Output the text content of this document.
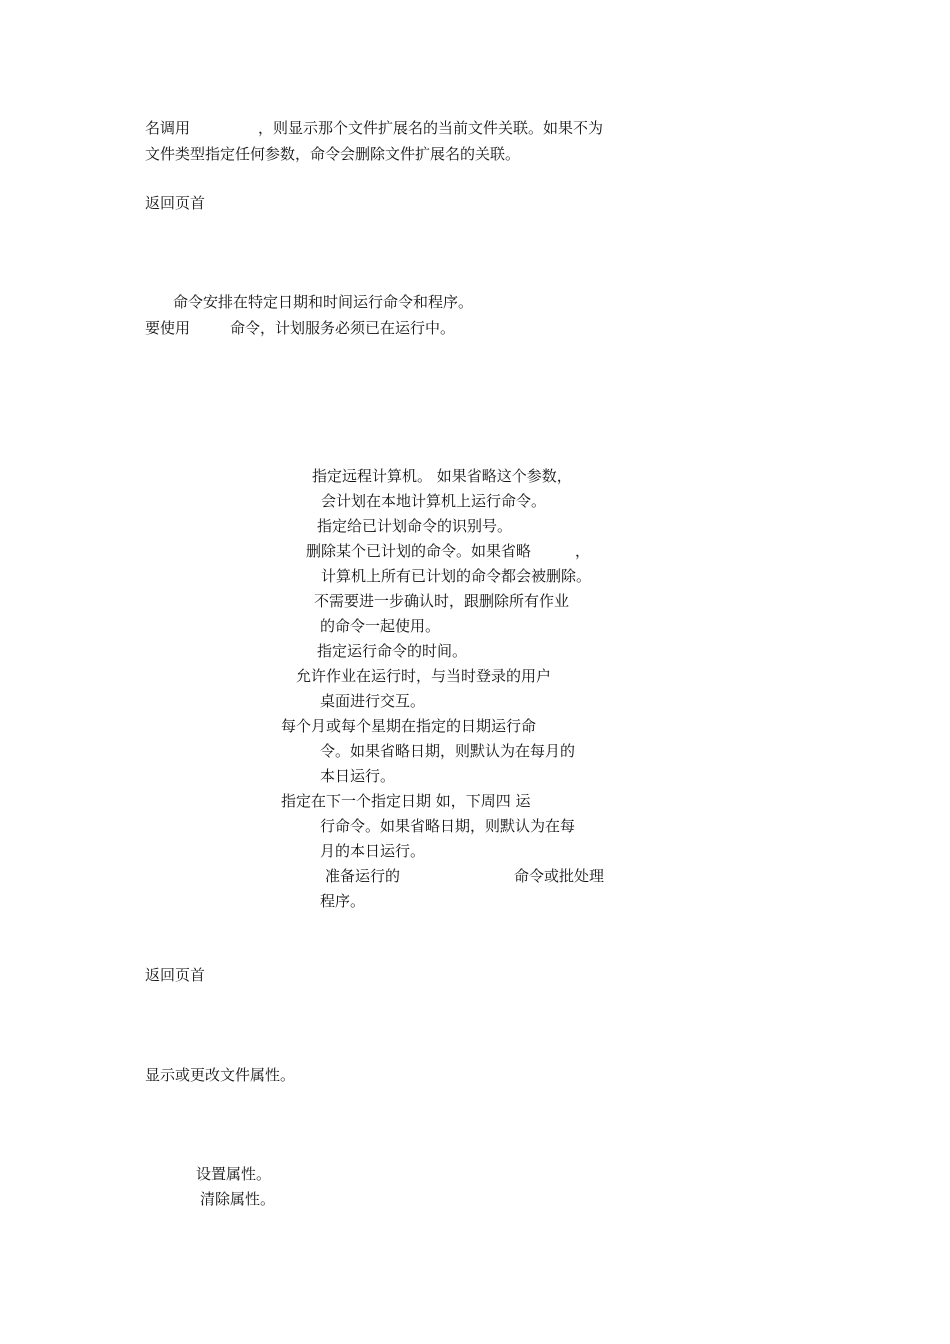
名调用	，则显示那个文件扩展名的当前文件关联。如果不为

文件类型指定任何参数，命令会删除文件扩展名的关联。

返回页首

命令安排在特定日期和时间运行命令和程序。

要使用	命令，计划服务必须已在运行中。

指定远程计算机。 如果省略这个参数，

会计划在本地计算机上运行命令。

指定给已计划命令的识别号。

删除某个已计划的命令。如果省略	，

计算机上所有已计划的命令都会被删除。

不需要进一步确认时，跟删除所有作业

的命令一起使用。

指定运行命令的时间。

允许作业在运行时，与当时登录的用户

桌面进行交互。

每个月或每个星期在指定的日期运行命

令。如果省略日期，则默认为在每月的

本日运行。

指定在下一个指定日期 如，下周四 运

行命令。如果省略日期，则默认为在每

月的本日运行。

准备运行的	命令或批处理

程序。

返回页首

显示或更改文件属性。

设置属性。

清除属性。
